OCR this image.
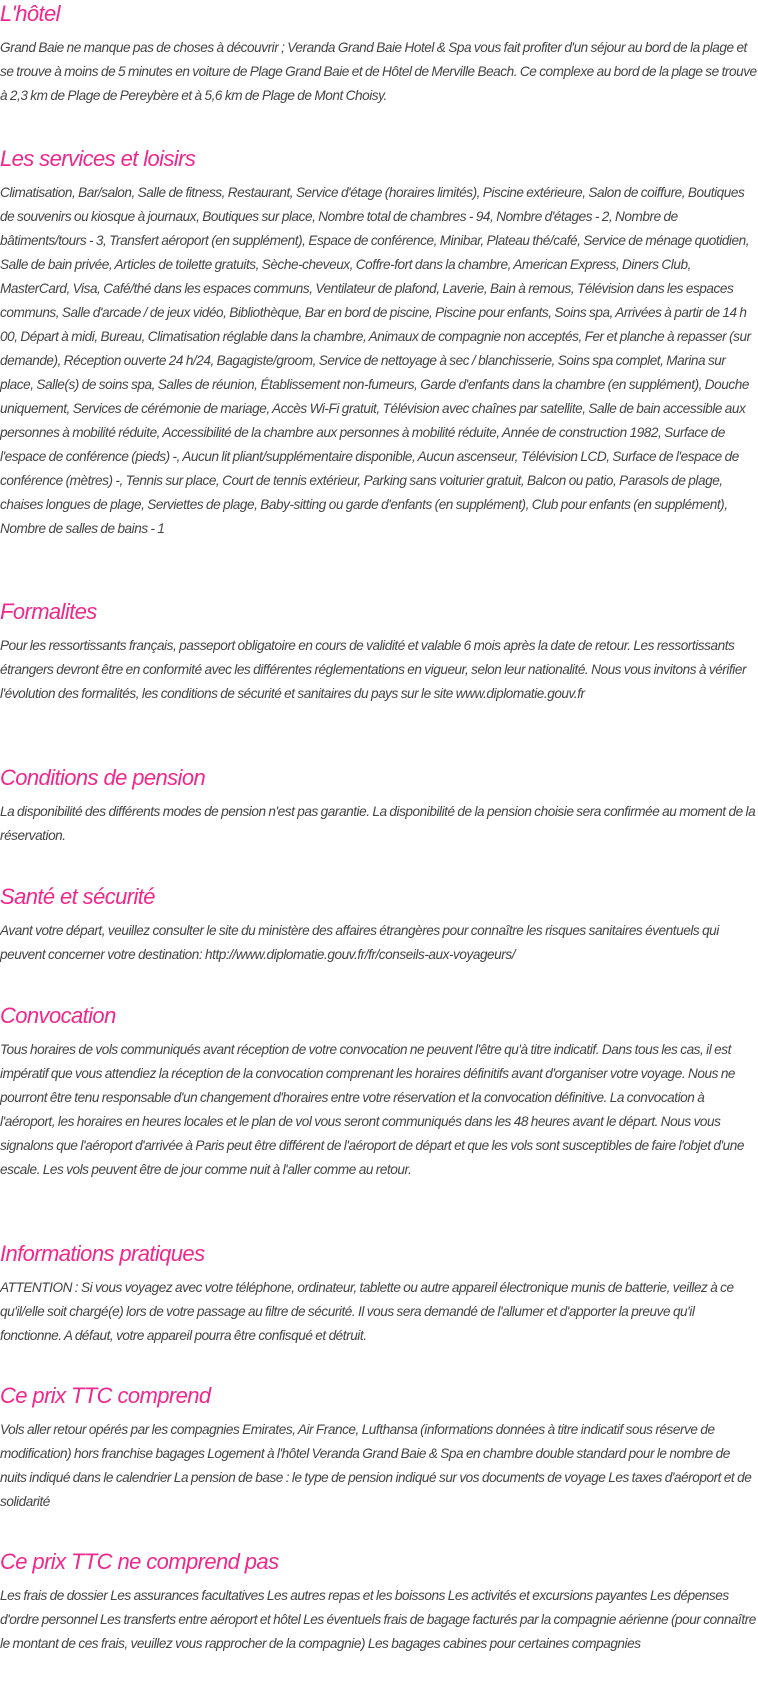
L'hôtel

Grand Baie ne manque pas de choses à découvrir ; Veranda Grand Baie Hotel & Spa vous fait profiter d'un séjour au bord de la plage et se trouve à moins de 5 minutes en voiture de Plage Grand Baie et de Hôtel de Merville Beach. Ce complexe au bord de la plage se trouve à 2,3 km de Plage de Pereybère et à 5,6 km de Plage de Mont Choisy.

Les services et loisirs

Climatisation, Bar/salon, Salle de fitness, Restaurant, Service d'étage (horaires limités), Piscine extérieure, Salon de coiffure, Boutiques de souvenirs ou kiosque à journaux, Boutiques sur place, Nombre total de chambres - 94, Nombre d'étages - 2, Nombre de bâtiments/tours - 3, Transfert aéroport (en supplément), Espace de conférence, Minibar, Plateau thé/café, Service de ménage quotidien, Salle de bain privée, Articles de toilette gratuits, Sèche-cheveux, Coffre-fort dans la chambre, American Express, Diners Club, MasterCard, Visa, Café/thé dans les espaces communs, Ventilateur de plafond, Laverie, Bain à remous, Télévision dans les espaces communs, Salle d'arcade / de jeux vidéo, Bibliothèque, Bar en bord de piscine, Piscine pour enfants, Soins spa, Arrivées à partir de 14 h 00, Départ à midi, Bureau, Climatisation réglable dans la chambre, Animaux de compagnie non acceptés, Fer et planche à repasser (sur demande), Réception ouverte 24 h/24, Bagagiste/groom, Service de nettoyage à sec / blanchisserie, Soins spa complet, Marina sur place, Salle(s) de soins spa, Salles de réunion, Établissement non-fumeurs, Garde d'enfants dans la chambre (en supplément), Douche uniquement, Services de cérémonie de mariage, Accès Wi-Fi gratuit, Télévision avec chaînes par satellite, Salle de bain accessible aux personnes à mobilité réduite, Accessibilité de la chambre aux personnes à mobilité réduite, Année de construction 1982, Surface de l'espace de conférence (pieds) -, Aucun lit pliant/supplémentaire disponible, Aucun ascenseur, Télévision LCD, Surface de l'espace de conférence (mètres) -, Tennis sur place, Court de tennis extérieur, Parking sans voiturier gratuit, Balcon ou patio, Parasols de plage, chaises longues de plage, Serviettes de plage, Baby-sitting ou garde d'enfants (en supplément), Club pour enfants (en supplément), Nombre de salles de bains - 1

Formalites

Pour les ressortissants français, passeport obligatoire en cours de validité et valable 6 mois après la date de retour. Les ressortissants étrangers devront être en conformité avec les différentes réglementations en vigueur, selon leur nationalité. Nous vous invitons à vérifier l'évolution des formalités, les conditions de sécurité et sanitaires du pays sur le site www.diplomatie.gouv.fr

Conditions de pension

La disponibilité des différents modes de pension n'est pas garantie. La disponibilité de la pension choisie sera confirmée au moment de la réservation.

Santé et sécurité

Avant votre départ, veuillez consulter le site du ministère des affaires étrangères pour connaître les risques sanitaires éventuels qui peuvent concerner votre destination: http://www.diplomatie.gouv.fr/fr/conseils-aux-voyageurs/

Convocation

Tous horaires de vols communiqués avant réception de votre convocation ne peuvent l'être qu'à titre indicatif. Dans tous les cas, il est impératif que vous attendiez la réception de la convocation comprenant les horaires définitifs avant d'organiser votre voyage. Nous ne pourront être tenu responsable d'un changement d'horaires entre votre réservation et la convocation définitive. La convocation à l'aéroport, les horaires en heures locales et le plan de vol vous seront communiqués dans les 48 heures avant le départ. Nous vous signalons que l'aéroport d'arrivée à Paris peut être différent de l'aéroport de départ et que les vols sont susceptibles de faire l'objet d'une escale. Les vols peuvent être de jour comme nuit à l'aller comme au retour.

Informations pratiques

ATTENTION : Si vous voyagez avec votre téléphone, ordinateur, tablette ou autre appareil électronique munis de batterie, veillez à ce qu'il/elle soit chargé(e) lors de votre passage au filtre de sécurité. Il vous sera demandé de l'allumer et d'apporter la preuve qu'il fonctionne. A défaut, votre appareil pourra être confisqué et détruit.

Ce prix TTC comprend

Vols aller retour opérés par les compagnies Emirates, Air France, Lufthansa (informations données à titre indicatif sous réserve de modification) hors franchise bagages Logement à l'hôtel Veranda Grand Baie & Spa en chambre double standard pour le nombre de nuits indiqué dans le calendrier La pension de base : le type de pension indiqué sur vos documents de voyage Les taxes d'aéroport et de solidarité

Ce prix TTC ne comprend pas

Les frais de dossier Les assurances facultatives Les autres repas et les boissons Les activités et excursions payantes Les dépenses d'ordre personnel Les transferts entre aéroport et hôtel Les éventuels frais de bagage facturés par la compagnie aérienne (pour connaître le montant de ces frais, veuillez vous rapprocher de la compagnie) Les bagages cabines pour certaines compagnies
